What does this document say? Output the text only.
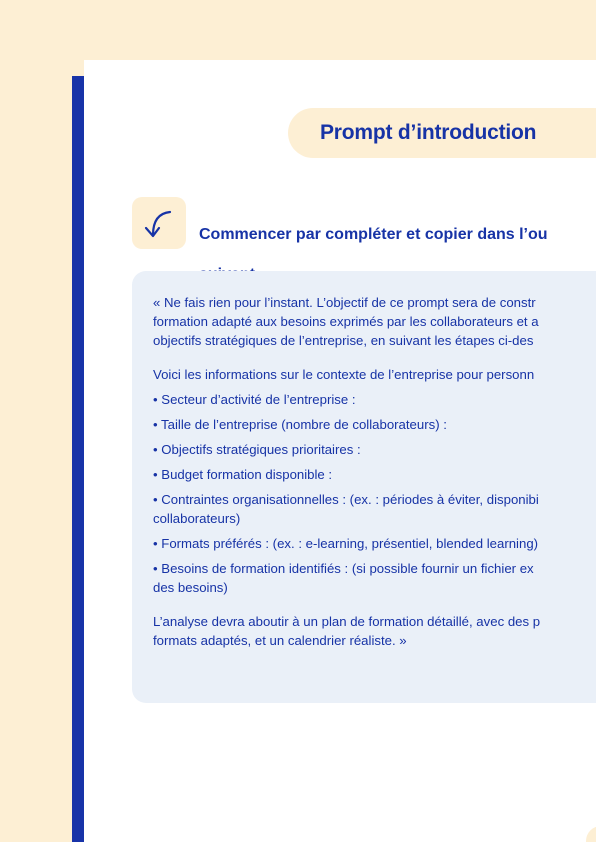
Prompt d’introduction

Commencer par compléter et copier dans l’ou

« Ne fais rien pour l’instant. L’objectif de ce prompt sera de constr
formation adapté aux besoins exprimés par les collaborateurs et a
objectifs stratégiques de l’entreprise, en suivant les étapes ci-des
Voici les informations sur le contexte de l’entreprise pour personn
• Secteur d’activité de l’entreprise :
• Taille de l’entreprise (nombre de collaborateurs) :
• Objectifs stratégiques prioritaires :
• Budget formation disponible :
• Contraintes organisationnelles : (ex. : périodes à éviter, disponibi
collaborateurs)
• Formats préférés : (ex. : e-learning, présentiel, blended learning)
• Besoins de formation identifiés : (si possible fournir un fichier ex
des besoins)
L’analyse devra aboutir à un plan de formation détaillé, avec des p
formats adaptés, et un calendrier réaliste. »
